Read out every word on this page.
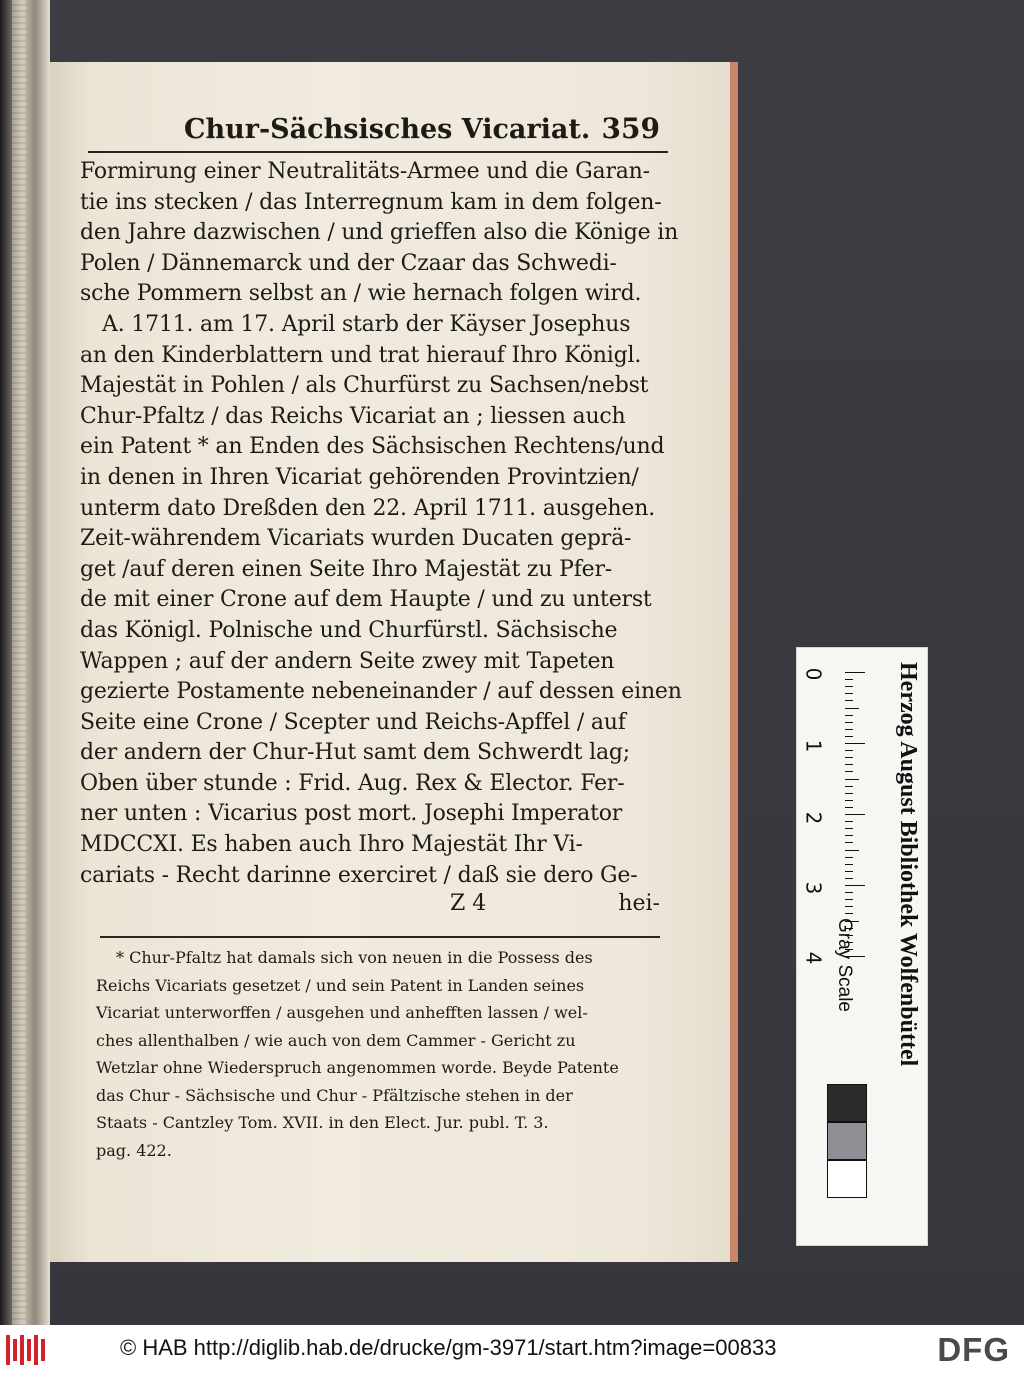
Chur-Sächsisches Vicariat. 359
Formirung einer Neutralitäts-Armee und die Garan-
tie ins stecken / das Interregnum kam in dem folgen-
den Jahre dazwischen / und grieffen also die Könige in
Polen / Dännemarck und der Czaar das Schwedi-
sche Pommern selbst an / wie hernach folgen wird.
A. 1711. am 17. April starb der Käyser Josephus
an den Kinderblattern und trat hierauf Ihro Königl.
Majestät in Pohlen / als Churfürst zu Sachsen/nebst
Chur-Pfaltz / das Reichs Vicariat an ; liessen auch
ein Patent * an Enden des Sächsischen Rechtens/und
in denen in Ihren Vicariat gehörenden Provintzien/
unterm dato Dreßden den 22. April 1711. ausgehen.
Zeit-währendem Vicariats wurden Ducaten geprä-
get /auf deren einen Seite Ihro Majestät zu Pfer-
de mit einer Crone auf dem Haupte / und zu unterst
das Königl. Polnische und Churfürstl. Sächsische
Wappen ; auf der andern Seite zwey mit Tapeten
gezierte Postamente nebeneinander / auf dessen einen
Seite eine Crone / Scepter und Reichs-Apffel / auf
der andern der Chur-Hut samt dem Schwerdt lag;
Oben über stunde : Frid. Aug. Rex & Elector. Fer-
ner unten : Vicarius post mort. Josephi Imperator
MDCCXI. Es haben auch Ihro Majestät Ihr Vi-
cariats - Recht darinne exerciret / daß sie dero Ge-
Z 4	hei-
* Chur-Pfaltz hat damals sich von neuen in die Possess des
Reichs Vicariats gesetzet / und sein Patent in Landen seines
Vicariat unterworffen / ausgehen und anhefften lassen / wel-
ches allenthalben / wie auch von dem Cammer - Gericht zu
Wetzlar ohne Wiederspruch angenommen worde. Beyde Patente
das Chur - Sächsische und Chur - Pfältzische stehen in der
Staats - Cantzley Tom. XVII. in den Elect. Jur. publ. T. 3.
pag. 422.
0
1
2
3
4 Gray Scale	Herzog August Bibliothek Wolfenbüttel
© HAB http://diglib.hab.de/drucke/gm-3971/start.htm?image=00833	DFG
